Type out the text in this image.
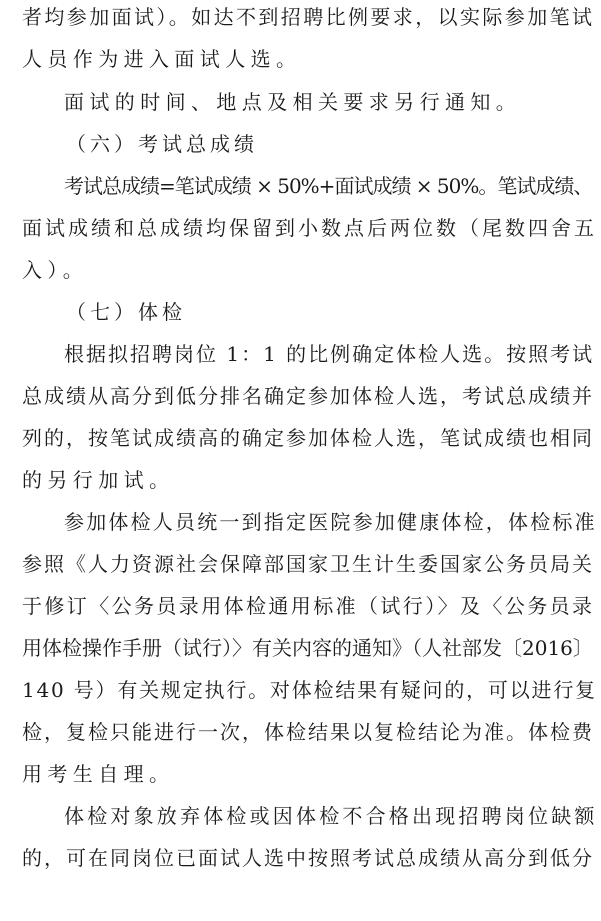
者均参加面试）。如达不到招聘比例要求，以实际参加笔试

人员作为进入面试人选。

面试的时间、地点及相关要求另行通知。

（六）考试总成绩

考试总成绩=笔试成绩 × 50%+面试成绩 × 50%。笔试成绩、

面试成绩和总成绩均保留到小数点后两位数（尾数四舍五

入）。

（七）体检

根据拟招聘岗位 1：1 的比例确定体检人选。按照考试

总成绩从高分到低分排名确定参加体检人选，考试总成绩并

列的，按笔试成绩高的确定参加体检人选，笔试成绩也相同

的另行加试。

参加体检人员统一到指定医院参加健康体检，体检标准

参照《人力资源社会保障部国家卫生计生委国家公务员局关

于修订〈公务员录用体检通用标准（试行）〉及〈公务员录

用体检操作手册（试行）〉有关内容的通知》（人社部发〔2016〕

140 号）有关规定执行。对体检结果有疑问的，可以进行复

检，复检只能进行一次，体检结果以复检结论为准。体检费

用考生自理。

体检对象放弃体检或因体检不合格出现招聘岗位缺额

的，可在同岗位已面试人选中按照考试总成绩从高分到低分
